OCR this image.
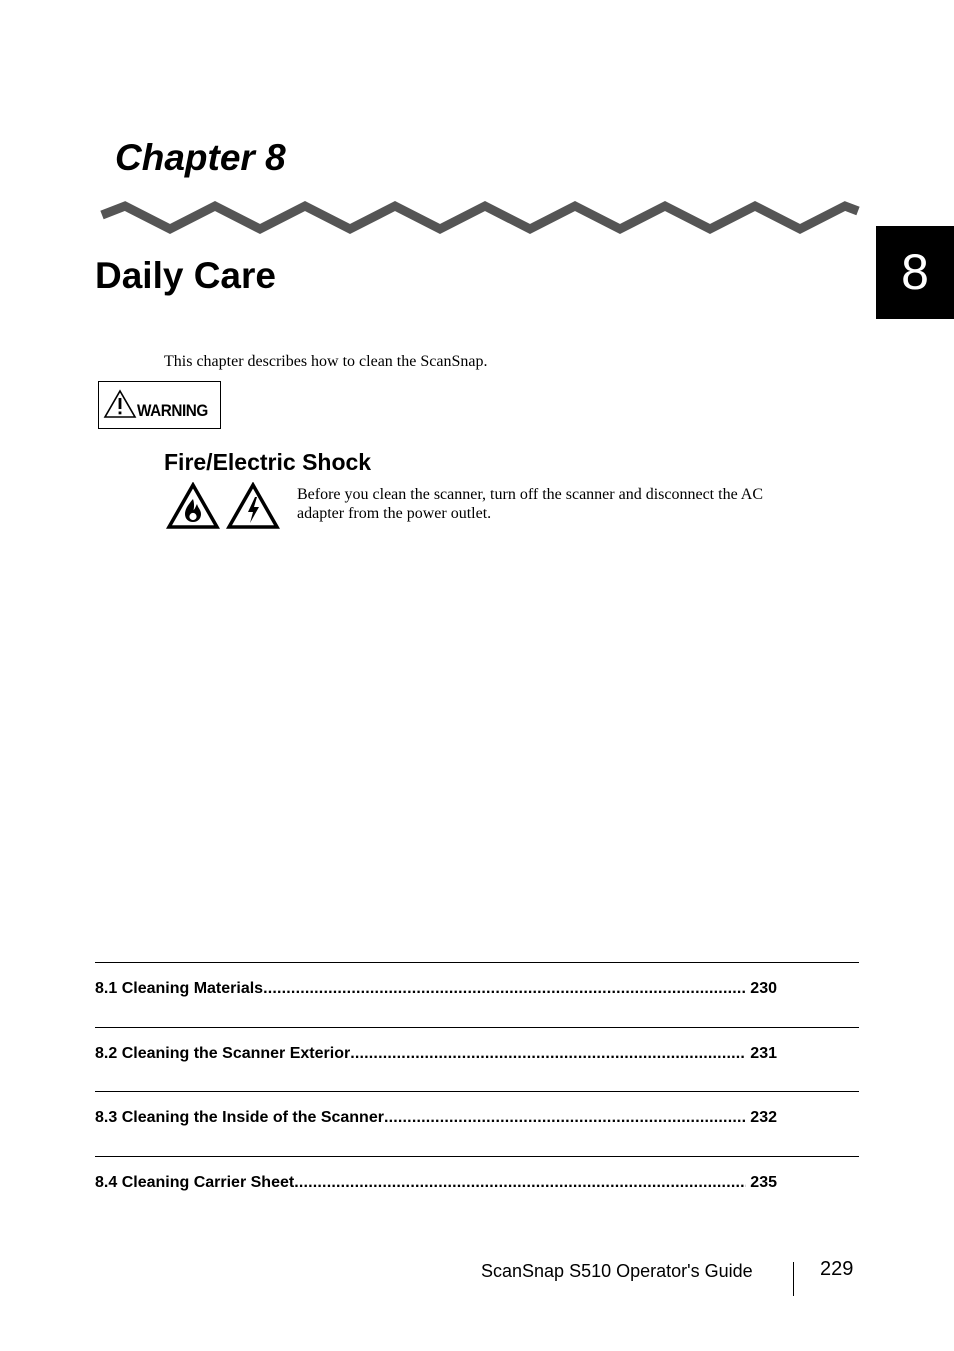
Chapter 8
Daily Care	8

This chapter describes how to clean the ScanSnap.

WARNING
Fire/Electric Shock

Before you clean the scanner, turn off the scanner and disconnect the AC adapter from the power outlet.

8.1 Cleaning Materials .....	230
8.2 Cleaning the Scanner Exterior .....	231
8.3 Cleaning the Inside of the Scanner .....	232
8.4 Cleaning Carrier Sheet .....	235
ScanSnap S510 Operator's Guide	229
